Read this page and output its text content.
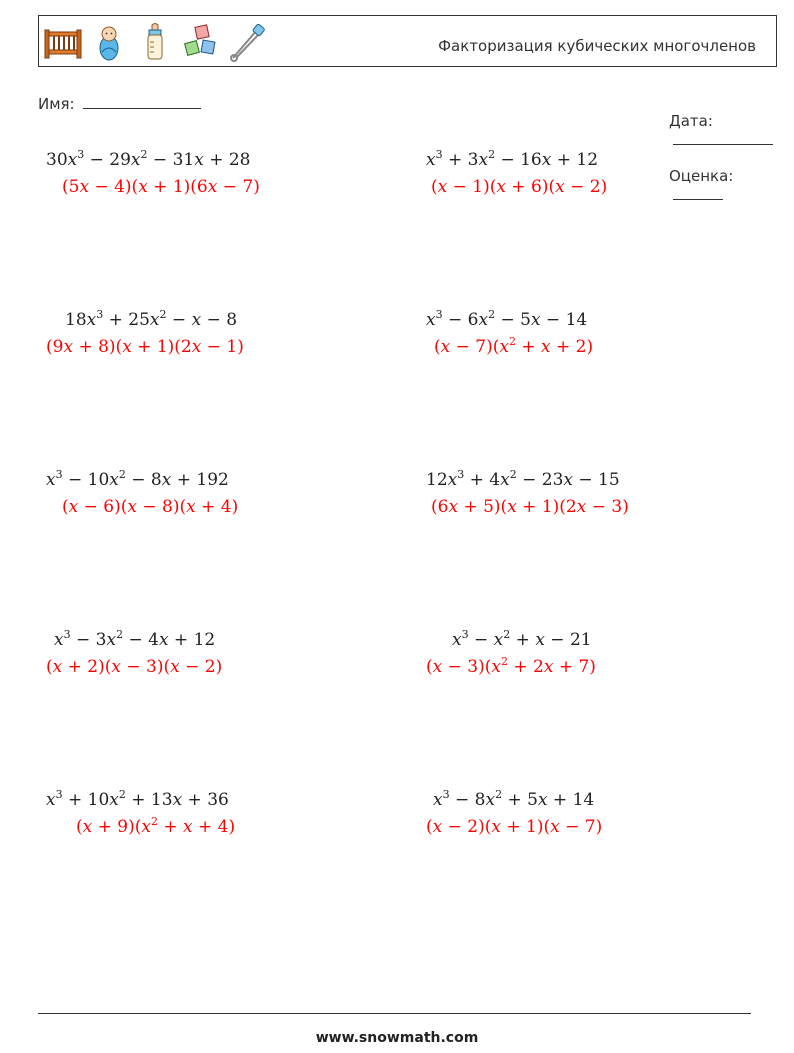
Факторизация кубических многочленов
Имя:

Дата:

Оценка:

$30x^3 - 29x^2 - 31x + 28$
(5x − 4)(x + 1)(6x − 7)
$x^3 + 3x^2 - 16x + 12$
(x − 1)(x + 6)(x − 2)
$18x^3 + 25x^2 - x - 8$
(9x + 8)(x + 1)(2x − 1)
$x^3 - 6x^2 - 5x - 14$
$(x - 7)(x^2 + x + 2)$
$x^3 - 10x^2 - 8x + 192$
(x − 6)(x − 8)(x + 4)
$12x^3 + 4x^2 - 23x - 15$
(6x + 5)(x + 1)(2x − 3)
$x^3 - 3x^2 - 4x + 12$
(x + 2)(x − 3)(x − 2)
$x^3 - x^2 + x - 21$
$(x - 3)(x^2 + 2x + 7)$
$x^3 + 10x^2 + 13x + 36$
$(x + 9)(x^2 + x + 4)$
$x^3 - 8x^2 + 5x + 14$
(x − 2)(x + 1)(x − 7)
www.snowmath.com
